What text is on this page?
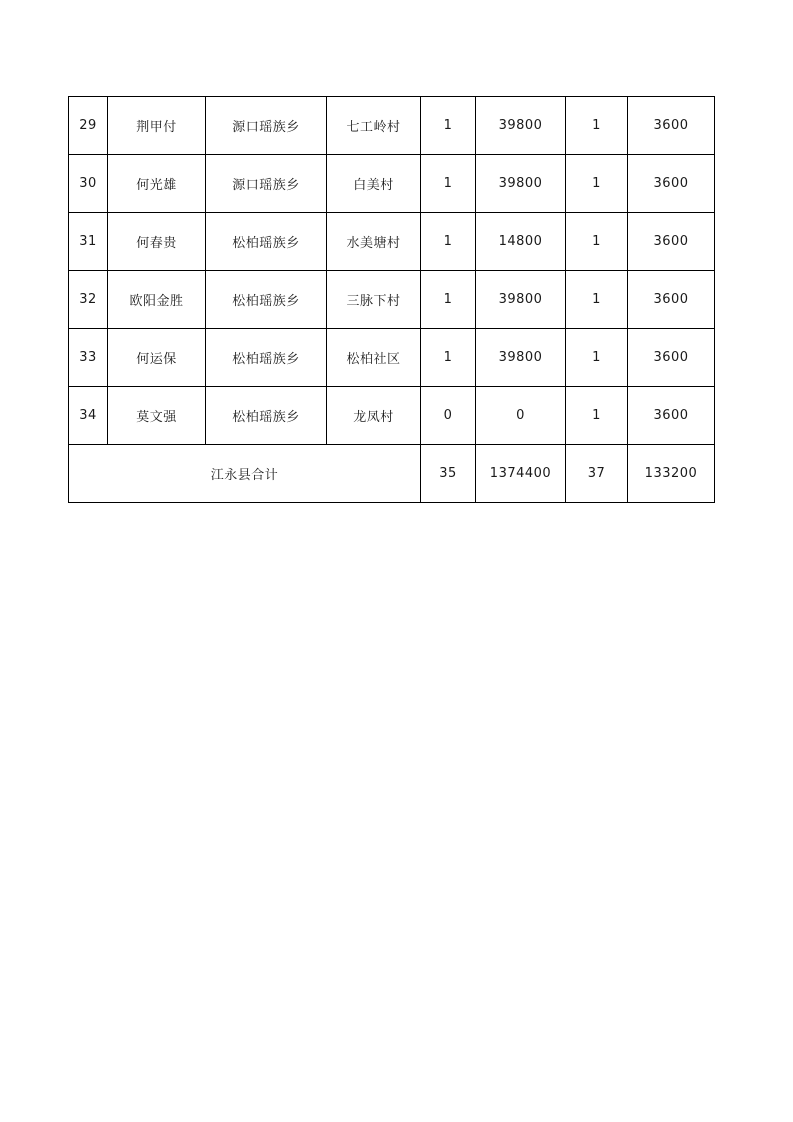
29	荆甲付	源口瑶族乡	七工岭村	1	39800	1	3600
30	何光雄	源口瑶族乡	白美村	1	39800	1	3600
31	何春贵	松柏瑶族乡	水美塘村	1	14800	1	3600
32	欧阳金胜	松柏瑶族乡	三脉下村	1	39800	1	3600
33	何运保	松柏瑶族乡	松柏社区	1	39800	1	3600
34	莫文强	松柏瑶族乡	龙凤村	0	0	1	3600
江永县合计				35	1374400	37	133200
